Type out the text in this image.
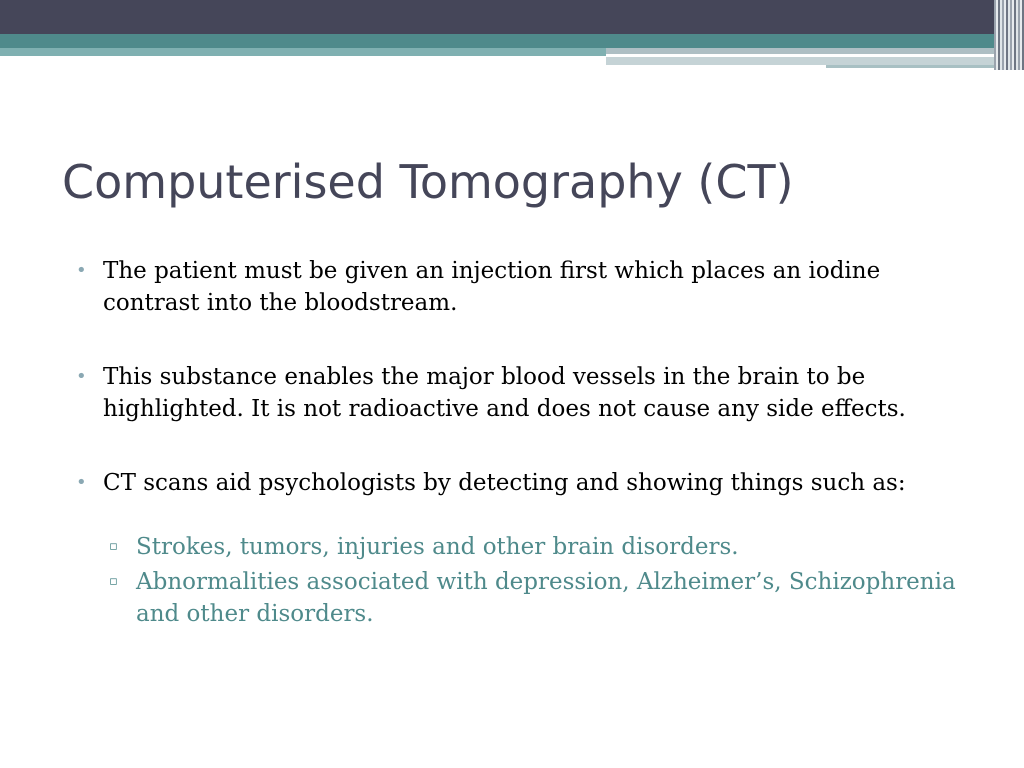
Computerised Tomography (CT)
• The patient must be given an injection first which places an iodine contrast into the bloodstream.
• This substance enables the major blood vessels in the brain to be highlighted. It is not radioactive and does not cause any side effects.
• CT scans aid psychologists by detecting and showing things such as:
▫ Strokes, tumors, injuries and other brain disorders.
▫ Abnormalities associated with depression, Alzheimer’s, Schizophrenia and other disorders.
